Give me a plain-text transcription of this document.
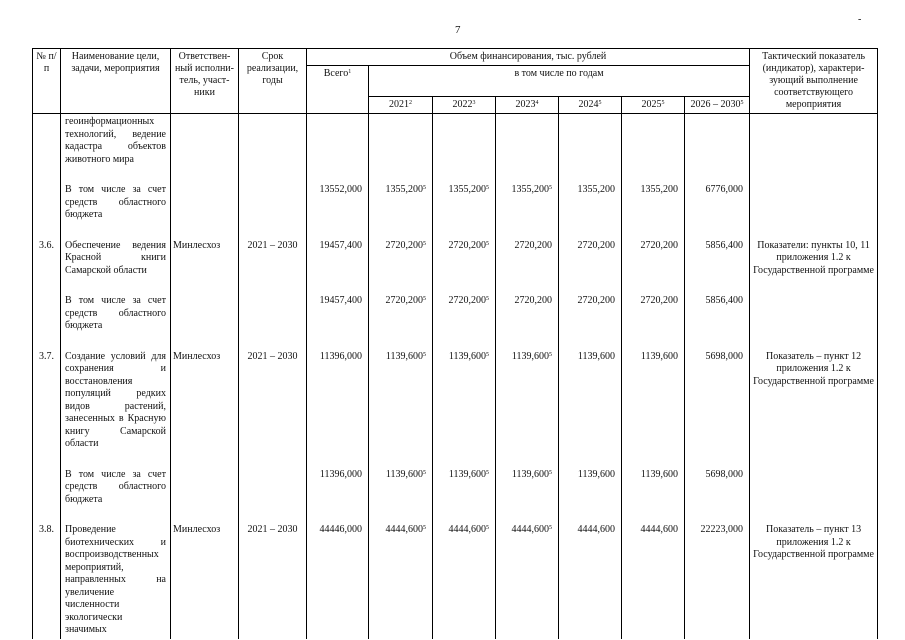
7
-
№ п/п	Наименование цели, задачи, мероприятия	Ответствен-ный исполни-тель, участ-ники	Срок реализации, годы	Объем финансирования, тыс. рублей							Тактический показатель (индикатор), характери-зующий выполнение соответствующего мероприятия
				Всего$^1$	в том числе по годам						
					2021$^2$	2022$^3$	2023$^4$	2024$^5$	2025$^5$	2026 – 2030$^5$
	геоинформационных технологий, ведение кадастра объектов животного мира										

	В том числе за счет средств областного бюджета			13552,000	1355,200$^5$	1355,200$^5$	1355,200$^5$	1355,200	1355,200	6776,000	

3.6.	Обеспечение ведения Красной книги Самарской области	Минлесхоз	2021 – 2030	19457,400	2720,200$^5$	2720,200$^5$	2720,200	2720,200	2720,200	5856,400	Показатели: пункты 10, 11 приложения 1.2 к Государственной программе

	В том числе за счет средств областного бюджета			19457,400	2720,200$^5$	2720,200$^5$	2720,200	2720,200	2720,200	5856,400	

3.7.	Создание условий для сохранения и восстановления популяций редких видов растений, занесенных в Красную книгу Самарской области	Минлесхоз	2021 – 2030	11396,000	1139,600$^5$	1139,600$^5$	1139,600$^5$	1139,600	1139,600	5698,000	Показатель – пункт 12 приложения 1.2 к Государственной программе

	В том числе за счет средств областного бюджета			11396,000	1139,600$^5$	1139,600$^5$	1139,600$^5$	1139,600	1139,600	5698,000	

3.8.	Проведение биотехнических и воспроизводственных мероприятий, направленных на увеличение численности экологически значимых	Минлесхоз	2021 – 2030	44446,000	4444,600$^5$	4444,600$^5$	4444,600$^5$	4444,600	4444,600	22223,000	Показатель – пункт 13 приложения 1.2 к Государственной программе
